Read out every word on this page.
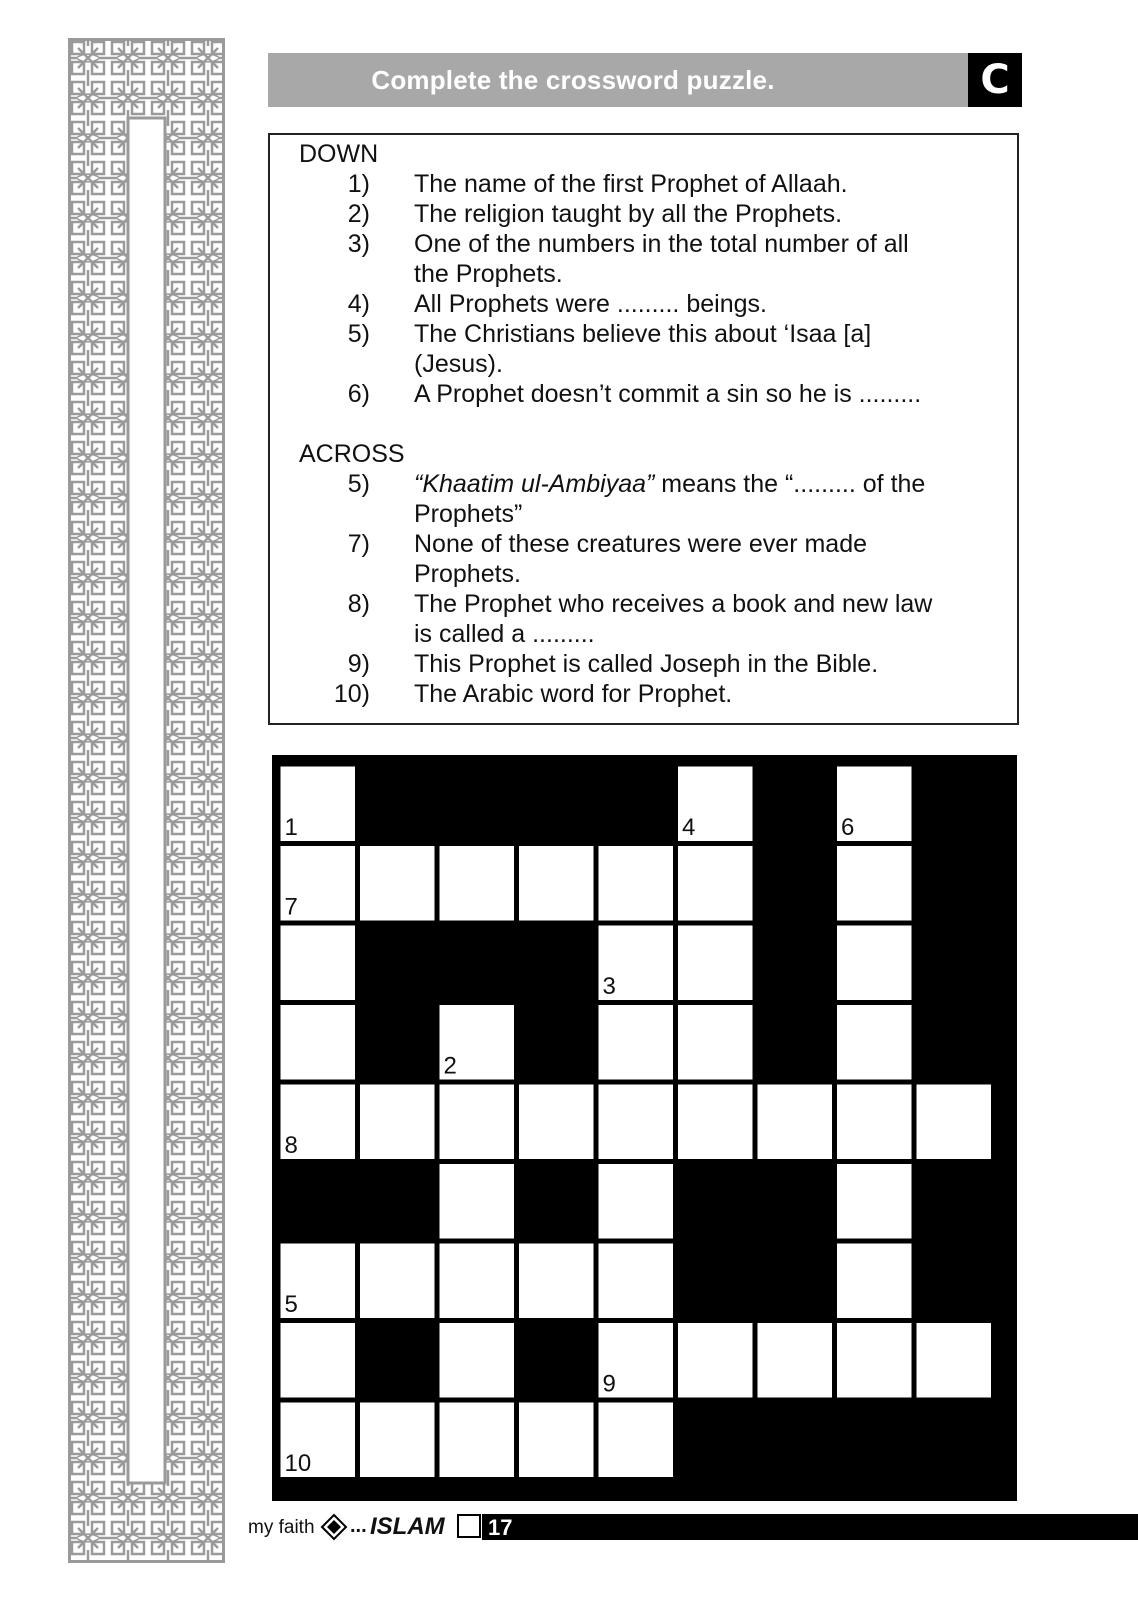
Complete the crossword puzzle.	C
DOWN
1) The name of the first Prophet of Allaah.
2) The religion taught by all the Prophets.
3) One of the numbers in the total number of all
the Prophets.
4) All Prophets were ......... beings.
5) The Christians believe this about ‘Isaa [a]
(Jesus).
6) A Prophet doesn’t commit a sin so he is .........
ACROSS
5) “Khaatim ul-Ambiyaa” means the “......... of the
Prophets”
7) None of these creatures were ever made
Prophets.
8) The Prophet who receives a book and new law
is called a .........
9) This Prophet is called Joseph in the Bible.
10) The Arabic word for Prophet.
1	4	6
7
3
2
8
5
9
10
my faith ... ISLAM 17
